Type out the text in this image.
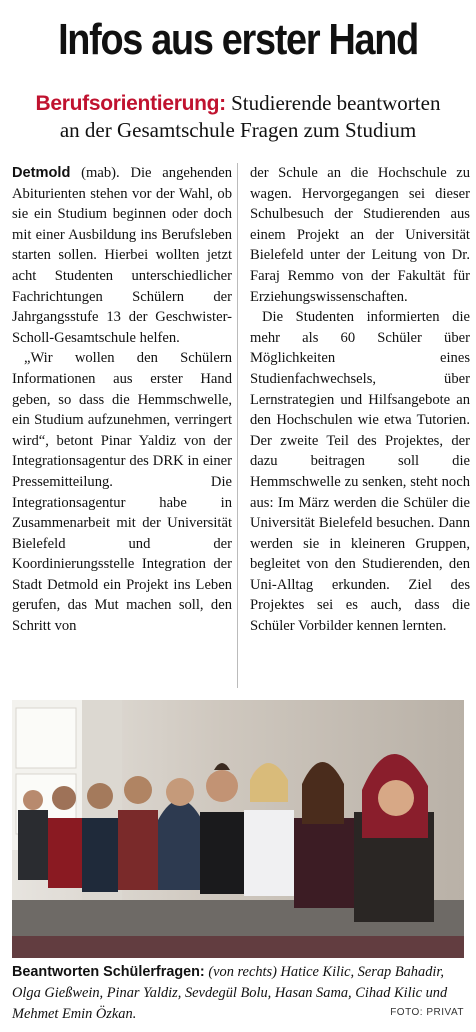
Infos aus erster Hand
Berufsorientierung: Studierende beantworten
an der Gesamtschule Fragen zum Studium

Detmold (mab). Die angehenden Abiturienten stehen vor der Wahl, ob sie ein Studium beginnen oder doch mit einer Ausbildung ins Berufsleben starten sollen. Hierbei wollten jetzt acht Studenten unterschiedlicher Fachrichtungen Schülern der Jahrgangsstufe 13 der Geschwister-Scholl-Gesamtschule helfen.

„Wir wollen den Schülern Informationen aus erster Hand geben, so dass die Hemmschwelle, ein Studium aufzunehmen, verringert wird“, betont Pinar Yaldiz von der Integrationsagentur des DRK in einer Pressemitteilung. Die Integrationsagentur habe in Zusammenarbeit mit der Universität Bielefeld und der Koordinierungsstelle Integration der Stadt Detmold ein Projekt ins Leben gerufen, das Mut machen soll, den Schritt von

der Schule an die Hochschule zu wagen. Hervorgegangen sei dieser Schulbesuch der Studierenden aus einem Projekt an der Universität Bielefeld unter der Leitung von Dr. Faraj Remmo von der Fakultät für Erziehungswissenschaften.

Die Studenten informierten die mehr als 60 Schüler über Möglichkeiten eines Studienfachwechsels, über Lernstrategien und Hilfsangebote an den Hochschulen wie etwa Tutorien. Der zweite Teil des Projektes, der dazu beitragen soll die Hemmschwelle zu senken, steht noch aus: Im März werden die Schüler die Universität Bielefeld besuchen. Dann werden sie in kleineren Gruppen, begleitet von den Studierenden, den Uni-Alltag erkunden. Ziel des Projektes sei es auch, dass die Schüler Vorbilder kennen lernten.

Beantworten Schülerfragen: (von rechts) Hatice Kilic, Serap Bahadir, Olga Gießwein, Pinar Yaldiz, Sevdegül Bolu, Hasan Sama, Cihad Kilic und Mehmet Emin Özkan.	FOTO: PRIVAT
